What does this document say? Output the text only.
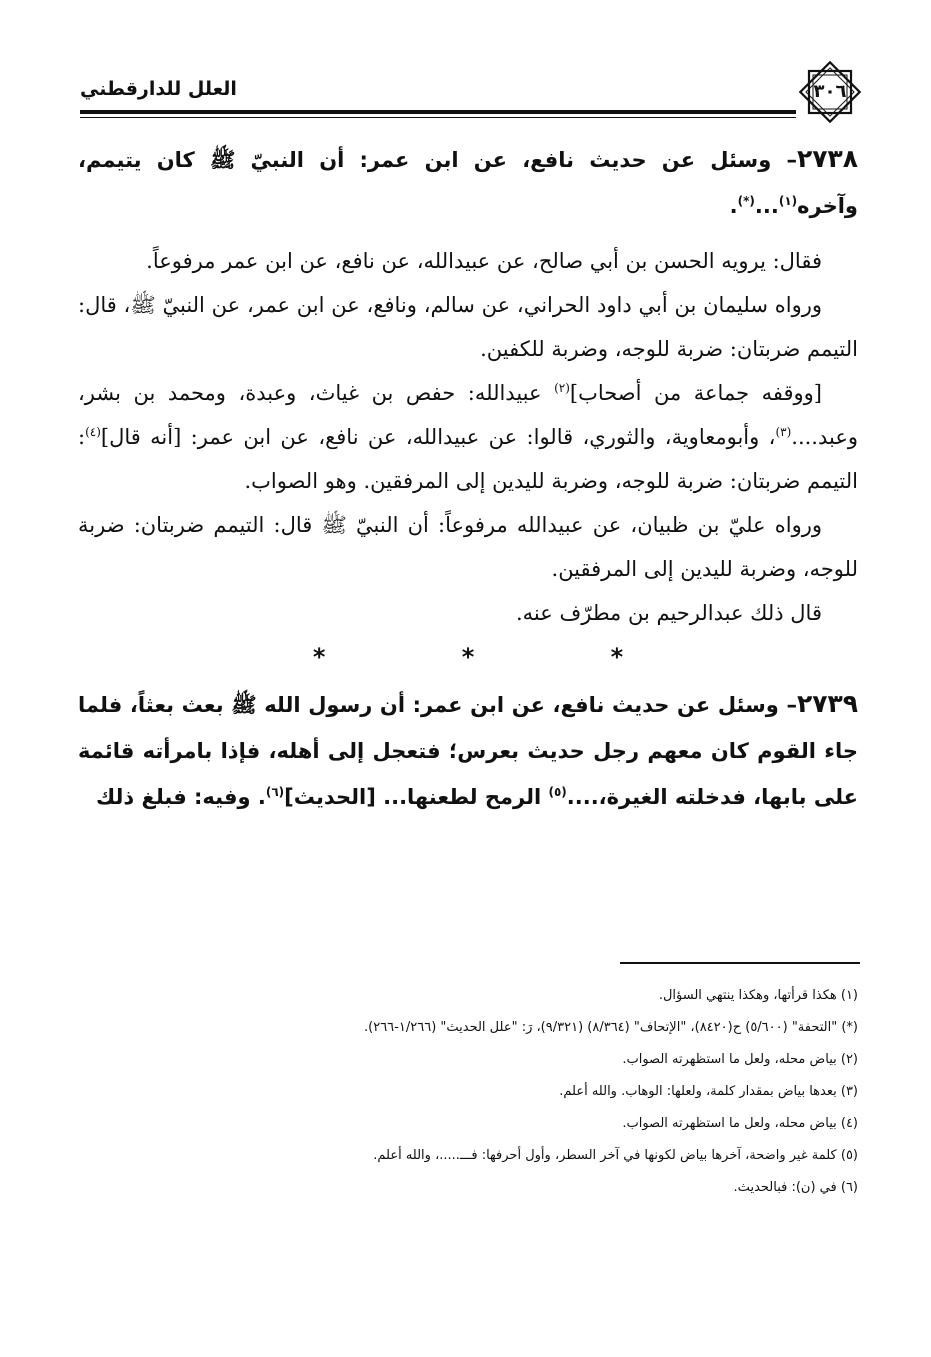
العلل للدارقطني	٣٠٦

٢٧٣٨– وسئل عن حديث نافع، عن ابن عمر: أن النبيّ ﷺ كان يتيمم، وآخره$^{(١)}$...(*).

فقال: يرويه الحسن بن أبي صالح، عن عبيدالله، عن نافع، عن ابن عمر مرفوعاً.

ورواه سليمان بن أبي داود الحراني، عن سالم، ونافع، عن ابن عمر، عن النبيّ ﷺ، قال: التيمم ضربتان: ضربة للوجه، وضربة للكفين.

[ووقفه جماعة من أصحاب]$^{(٢)}$ عبيدالله: حفص بن غياث، وعبدة، ومحمد بن بشر، وعبد....$^{(٣)}$، وأبومعاوية، والثوري، قالوا: عن عبيدالله، عن نافع، عن ابن عمر: [أنه قال]$^{(٤)}$: التيمم ضربتان: ضربة للوجه، وضربة لليدين إلى المرفقين. وهو الصواب.

ورواه عليّ بن ظبيان، عن عبيدالله مرفوعاً: أن النبيّ ﷺ قال: التيمم ضربتان: ضربة للوجه، وضربة لليدين إلى المرفقين.

قال ذلك عبدالرحيم بن مطرّف عنه.

* * *

٢٧٣٩– وسئل عن حديث نافع، عن ابن عمر: أن رسول الله ﷺ بعث بعثاً، فلما جاء القوم كان معهم رجل حديث بعرس؛ فتعجل إلى أهله، فإذا بامرأته قائمة على بابها، فدخلته الغيرة،....$^{(٥)}$ الرمح لطعنها... [الحديث]$^{(٦)}$. وفيه: فبلغ ذلك

(١) هكذا قرأتها، وهكذا ينتهي السؤال.

(*) "التحفة" (٥/٦٠٠) ح(٨٤٢٠)، "الإتحاف" (٨/٣٦٤) (٩/٣٢١)، رَ: "علل الحديث" (١/٢٦٦-٢٦٦).

(٢) بياض محله، ولعل ما استظهرته الصواب.

(٣) بعدها بياض بمقدار كلمة، ولعلها: الوهاب. والله أعلم.

(٤) بياض محله، ولعل ما استظهرته الصواب.

(٥) كلمة غير واضحة، آخرها بياض لكونها في آخر السطر، وأول أحرفها: فـــ.....، والله أعلم.

(٦) في (ن): فبالحديث.
